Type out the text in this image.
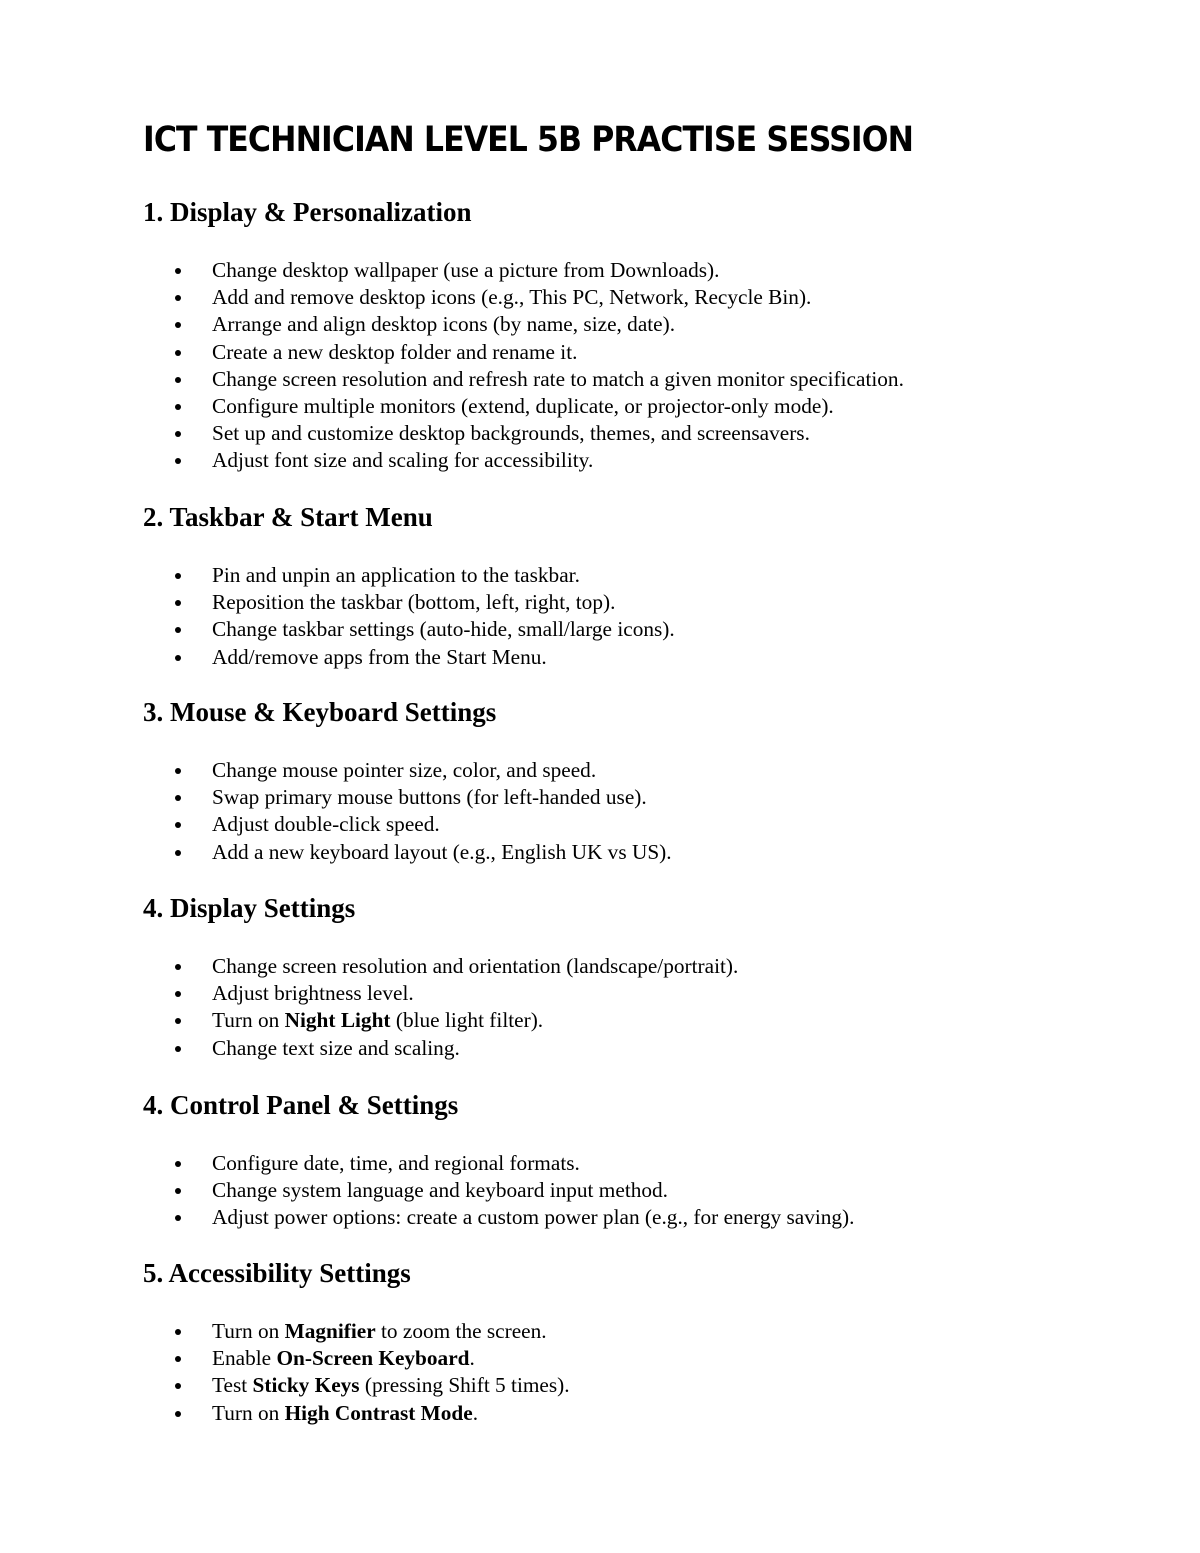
ICT TECHNICIAN LEVEL 5B PRACTISE SESSION
1. Display & Personalization
Change desktop wallpaper (use a picture from Downloads).
Add and remove desktop icons (e.g., This PC, Network, Recycle Bin).
Arrange and align desktop icons (by name, size, date).
Create a new desktop folder and rename it.
Change screen resolution and refresh rate to match a given monitor specification.
Configure multiple monitors (extend, duplicate, or projector-only mode).
Set up and customize desktop backgrounds, themes, and screensavers.
Adjust font size and scaling for accessibility.
2. Taskbar & Start Menu
Pin and unpin an application to the taskbar.
Reposition the taskbar (bottom, left, right, top).
Change taskbar settings (auto-hide, small/large icons).
Add/remove apps from the Start Menu.
3. Mouse & Keyboard Settings
Change mouse pointer size, color, and speed.
Swap primary mouse buttons (for left-handed use).
Adjust double-click speed.
Add a new keyboard layout (e.g., English UK vs US).
4. Display Settings
Change screen resolution and orientation (landscape/portrait).
Adjust brightness level.
Turn on Night Light (blue light filter).
Change text size and scaling.
4. Control Panel & Settings
Configure date, time, and regional formats.
Change system language and keyboard input method.
Adjust power options: create a custom power plan (e.g., for energy saving).
5. Accessibility Settings
Turn on Magnifier to zoom the screen.
Enable On-Screen Keyboard.
Test Sticky Keys (pressing Shift 5 times).
Turn on High Contrast Mode.
